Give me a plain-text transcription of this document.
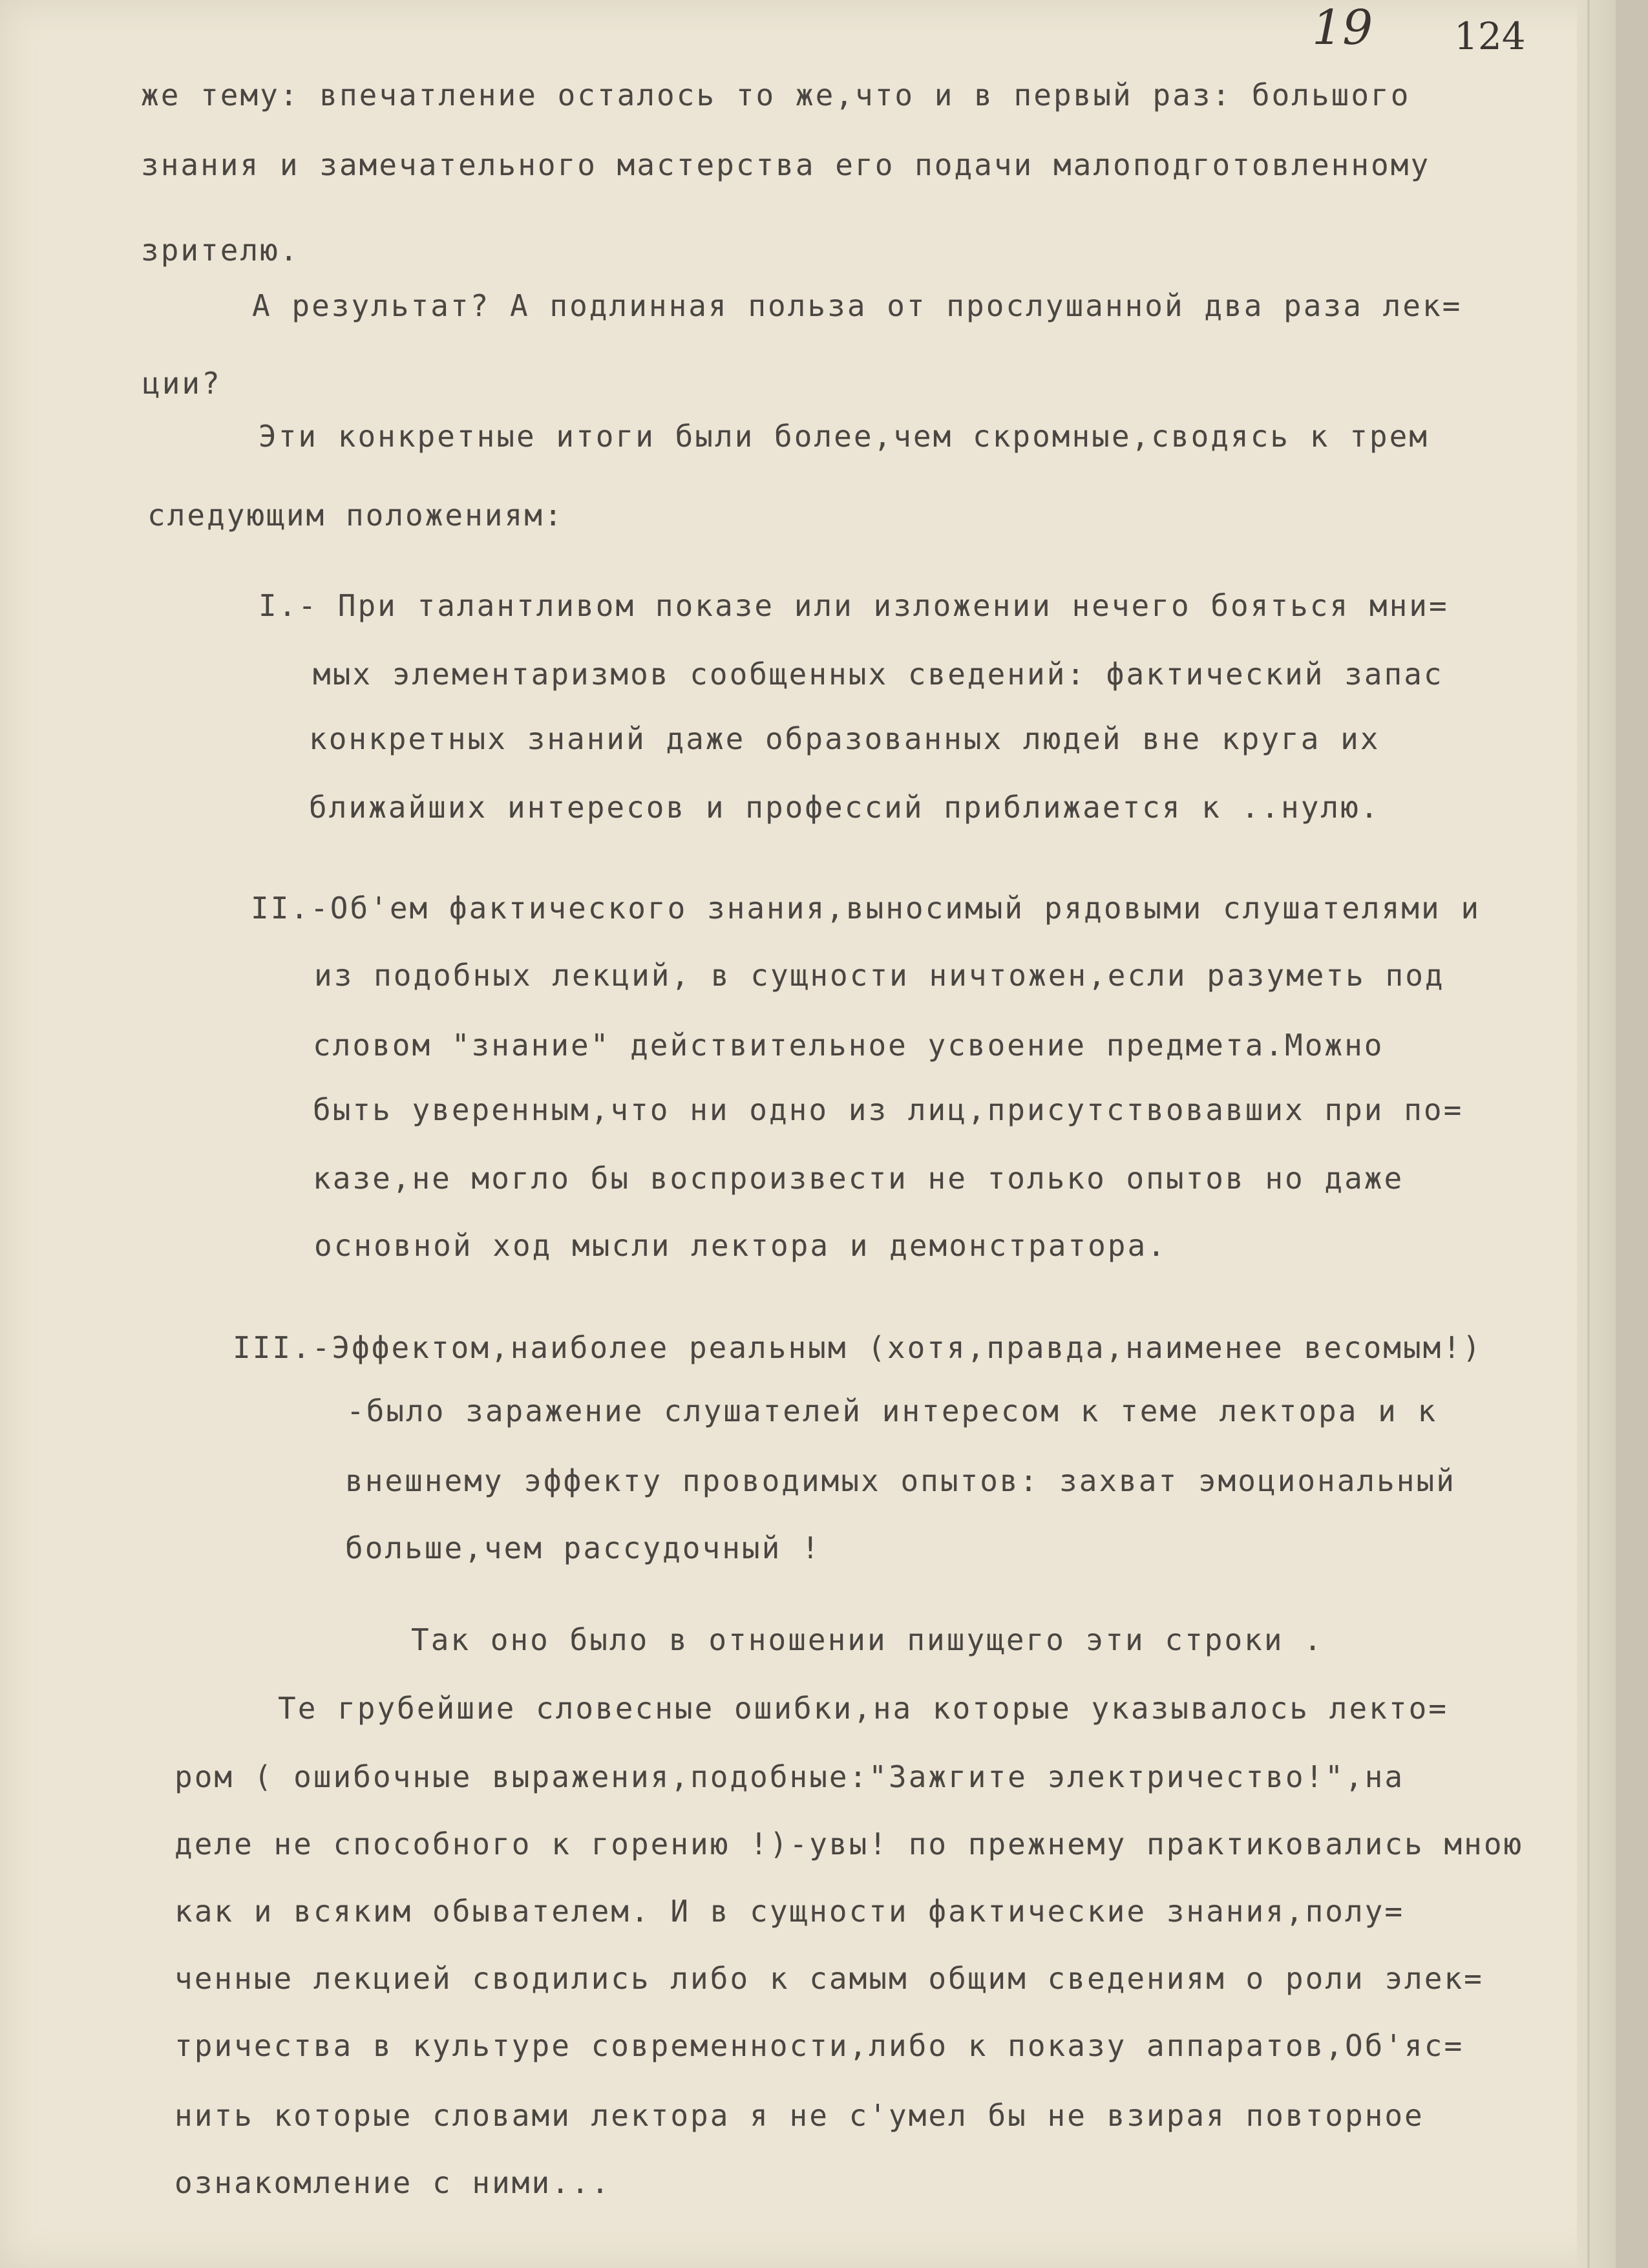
19 124
же тему: впечатление осталось то же,что и в первый раз: большого
знания и замечательного мастерства его подачи малоподготовленному
зрителю.
А результат? А подлинная польза от прослушанной два раза лек=
ции?
Эти конкретные итоги были более,чем скромные,сводясь к трем
следующим положениям:
I.- При талантливом показе или изложении нечего бояться мни=
мых элементаризмов сообщенных сведений: фактический запас
конкретных знаний даже образованных людей вне круга их
ближайших интересов и профессий приближается к ..нулю.
II.-Об'ем фактического знания,выносимый рядовыми слушателями и
из подобных лекций, в сущности ничтожен,если разуметь под
словом "знание" действительное усвоение предмета.Можно
быть уверенным,что ни одно из лиц,присутствовавших при по=
казе,не могло бы воспроизвести не только опытов но даже
основной ход мысли лектора и демонстратора.
III.-Эффектом,наиболее реальным (хотя,правда,наименее весомым!)
-было заражение слушателей интересом к теме лектора и к
внешнему эффекту проводимых опытов: захват эмоциональный
больше,чем рассудочный !
Так оно было в отношении пишущего эти строки .
Те грубейшие словесные ошибки,на которые указывалось лекто=
ром ( ошибочные выражения,подобные:"Зажгите электричество!",на
деле не способного к горению !)-увы! по прежнему практиковались мною
как и всяким обывателем. И в сущности фактические знания,полу=
ченные лекцией сводились либо к самым общим сведениям о роли элек=
тричества в культуре современности,либо к показу аппаратов,Об'яс=
нить которые словами лектора я не с'умел бы не взирая повторное
ознакомление с ними...
